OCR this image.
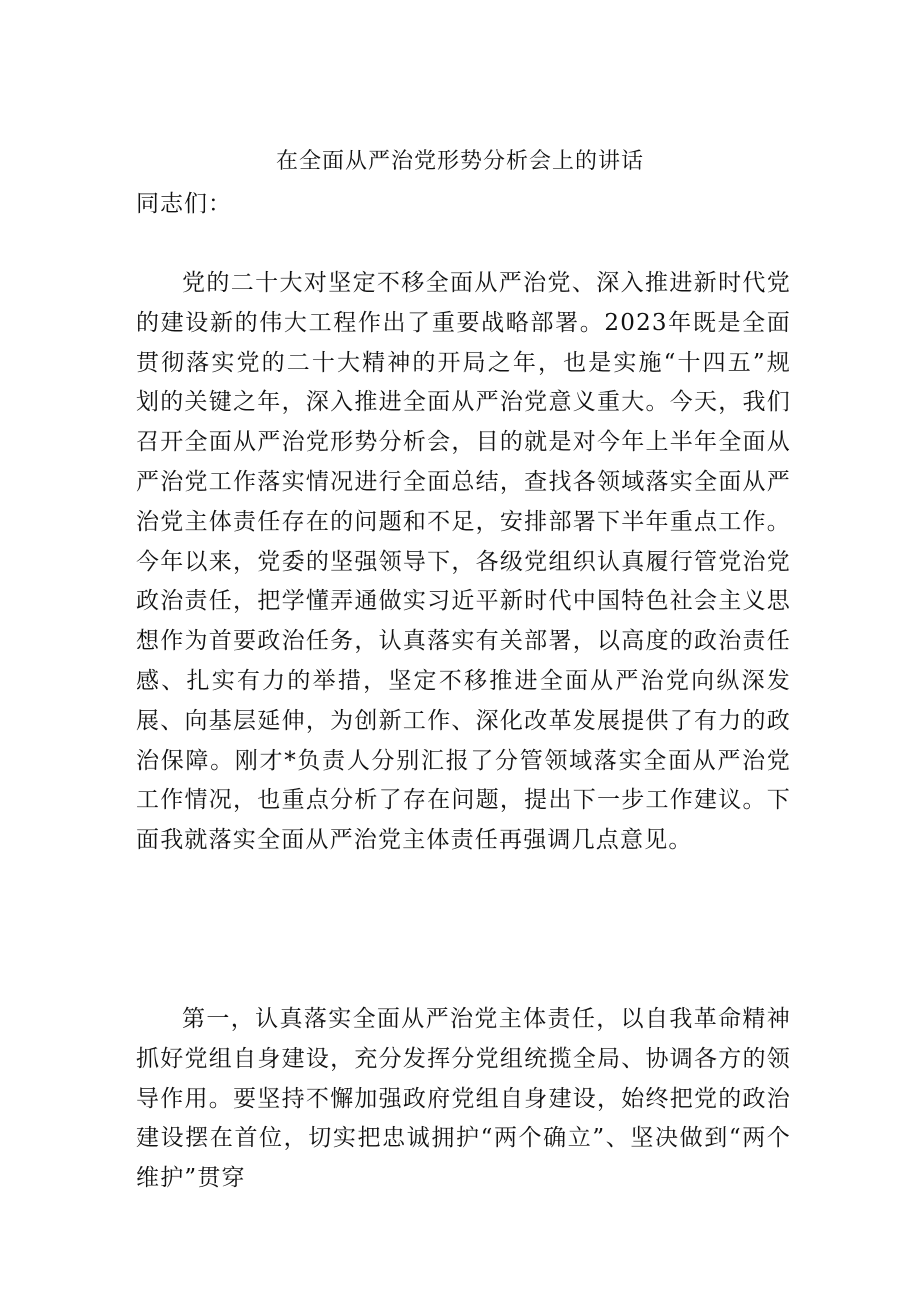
在全面从严治党形势分析会上的讲话
同志们：

党的二十大对坚定不移全面从严治党、深入推进新时代党的建设新的伟大工程作出了重要战略部署。2023年既是全面贯彻落实党的二十大精神的开局之年，也是实施“十四五”规划的关键之年，深入推进全面从严治党意义重大。今天，我们召开全面从严治党形势分析会，目的就是对今年上半年全面从严治党工作落实情况进行全面总结，查找各领域落实全面从严治党主体责任存在的问题和不足，安排部署下半年重点工作。今年以来，党委的坚强领导下，各级党组织认真履行管党治党政治责任，把学懂弄通做实习近平新时代中国特色社会主义思想作为首要政治任务，认真落实有关部署，以高度的政治责任感、扎实有力的举措，坚定不移推进全面从严治党向纵深发展、向基层延伸，为创新工作、深化改革发展提供了有力的政治保障。刚才*负责人分别汇报了分管领域落实全面从严治党工作情况，也重点分析了存在问题，提出下一步工作建议。下面我就落实全面从严治党主体责任再强调几点意见。

第一，认真落实全面从严治党主体责任，以自我革命精神抓好党组自身建设，充分发挥分党组统揽全局、协调各方的领导作用。要坚持不懈加强政府党组自身建设，始终把党的政治建设摆在首位，切实把忠诚拥护“两个确立”、坚决做到“两个维护”贯穿
